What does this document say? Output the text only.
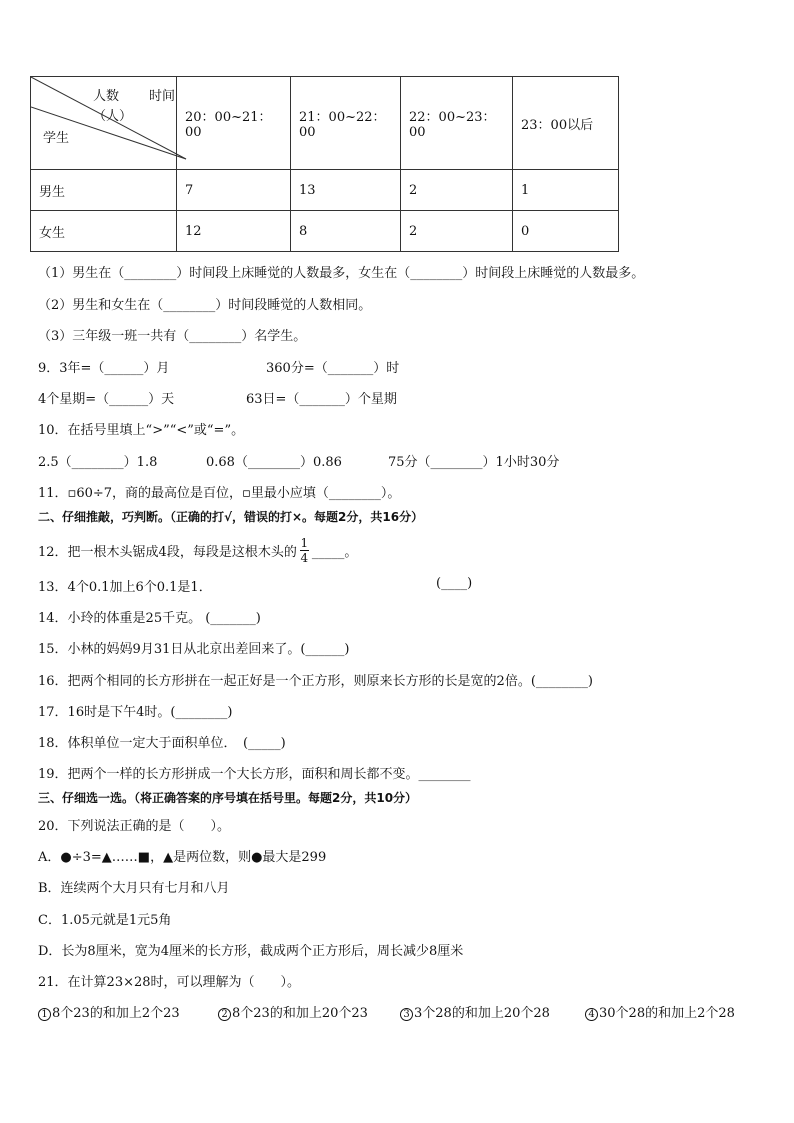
人数 时间
（人）
学生	20：00~21：00	21：00~22：00	22：00~23：00	23：00以后
男生	7	13	2	1
女生	12	8	2	0
（1）男生在（________）时间段上床睡觉的人数最多，女生在（________）时间段上床睡觉的人数最多。
（2）男生和女生在（________）时间段睡觉的人数相同。
（3）三年级一班一共有（________）名学生。
9．3年=（______）月	360分=（_______）时
4个星期=（______）天	63日=（_______）个星期
10．在括号里填上“>”“<”或“=”。
2.5（________）1.8	0.68（________）0.86	75分（________）1小时30分
11．▫60÷7，商的最高位是百位，▫里最小应填（________）。
二、仔细推敲，巧判断。（正确的打√，错误的打×。每题2分，共16分）
12．把一根木头锯成4段，每段是这根木头的 $\frac{1}{4}$ _____。
13．4个0.1加上6个0.1是1．	(____)
14．小玲的体重是25千克。 (_______)
15．小林的妈妈9月31日从北京出差回来了。(______)
16．把两个相同的长方形拼在一起正好是一个正方形，则原来长方形的长是宽的2倍。(________)
17．16时是下午4时。(________)
18．体积单位一定大于面积单位．　(_____)
19．把两个一样的长方形拼成一个大长方形，面积和周长都不变。________
三、仔细选一选。（将正确答案的序号填在括号里。每题2分，共10分）
20．下列说法正确的是（　　）。
A．●÷3=▲……■，▲是两位数，则●最大是299
B．连续两个大月只有七月和八月
C．1.05元就是1元5角
D．长为8厘米，宽为4厘米的长方形，截成两个正方形后，周长减少8厘米
21．在计算23×28时，可以理解为（　　）。
1 8个23的和加上2个23	2 8个23的和加上20个23	3 3个28的和加上20个28	4 30个28的和加上2个28
